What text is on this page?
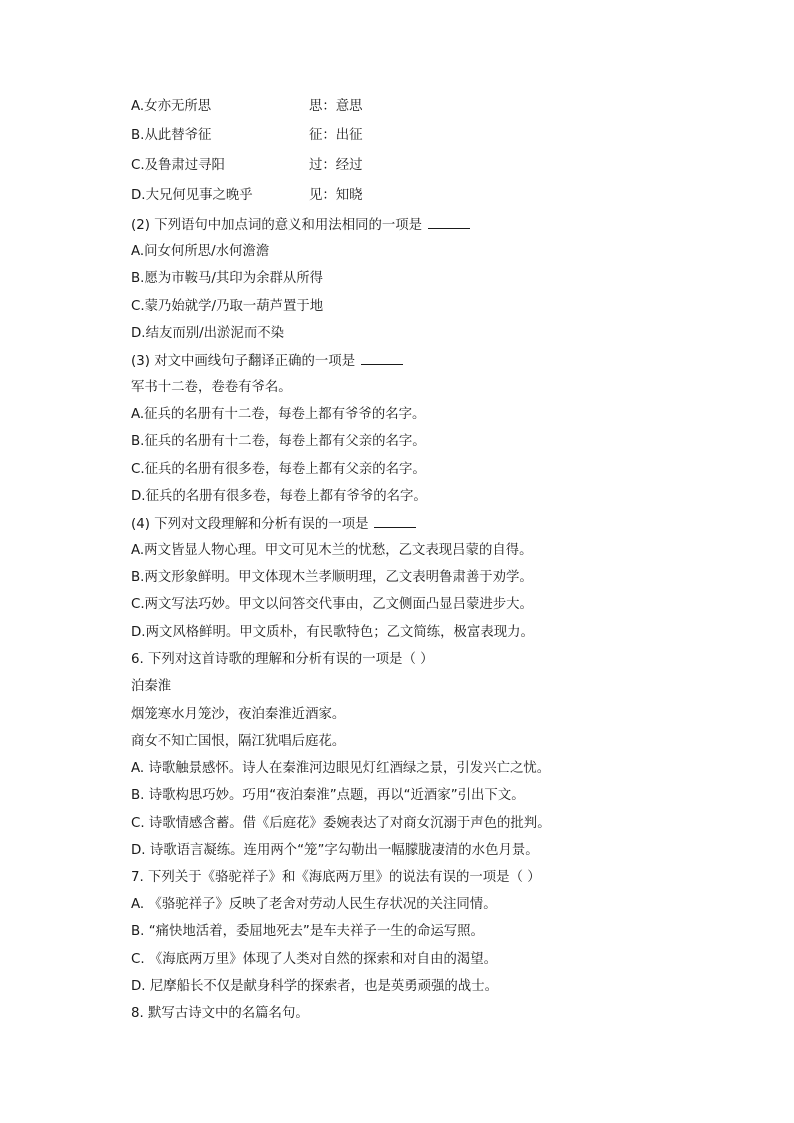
A.女亦无所思	思：意思
B.从此替爷征	征：出征
C.及鲁肃过寻阳	过：经过
D.大兄何见事之晚乎	见：知晓
(2) 下列语句中加点词的意义和用法相同的一项是
A.问女何所思/水何澹澹
B.愿为市鞍马/其印为余群从所得
C.蒙乃始就学/乃取一葫芦置于地
D.结友而别/出淤泥而不染
(3) 对文中画线句子翻译正确的一项是
军书十二卷，卷卷有爷名。
A.征兵的名册有十二卷，每卷上都有爷爷的名字。
B.征兵的名册有十二卷，每卷上都有父亲的名字。
C.征兵的名册有很多卷，每卷上都有父亲的名字。
D.征兵的名册有很多卷，每卷上都有爷爷的名字。
(4) 下列对文段理解和分析有误的一项是
A.两文皆显人物心理。甲文可见木兰的忧愁，乙文表现吕蒙的自得。
B.两文形象鲜明。甲文体现木兰孝顺明理，乙文表明鲁肃善于劝学。
C.两文写法巧妙。甲文以问答交代事由，乙文侧面凸显吕蒙进步大。
D.两文风格鲜明。甲文质朴，有民歌特色；乙文简练，极富表现力。
6. 下列对这首诗歌的理解和分析有误的一项是（ ）
泊秦淮
烟笼寒水月笼沙，夜泊秦淮近酒家。
商女不知亡国恨，隔江犹唱后庭花。
A. 诗歌触景感怀。诗人在秦淮河边眼见灯红酒绿之景，引发兴亡之忧。
B. 诗歌构思巧妙。巧用“夜泊秦淮”点题，再以“近酒家”引出下文。
C. 诗歌情感含蓄。借《后庭花》委婉表达了对商女沉溺于声色的批判。
D. 诗歌语言凝练。连用两个“笼”字勾勒出一幅朦胧凄清的水色月景。
7. 下列关于《骆驼祥子》和《海底两万里》的说法有误的一项是（ ）
A. 《骆驼祥子》反映了老舍对劳动人民生存状况的关注同情。
B. “痛快地活着，委屈地死去”是车夫祥子一生的命运写照。
C. 《海底两万里》体现了人类对自然的探索和对自由的渴望。
D. 尼摩船长不仅是献身科学的探索者，也是英勇顽强的战士。
8. 默写古诗文中的名篇名句。
